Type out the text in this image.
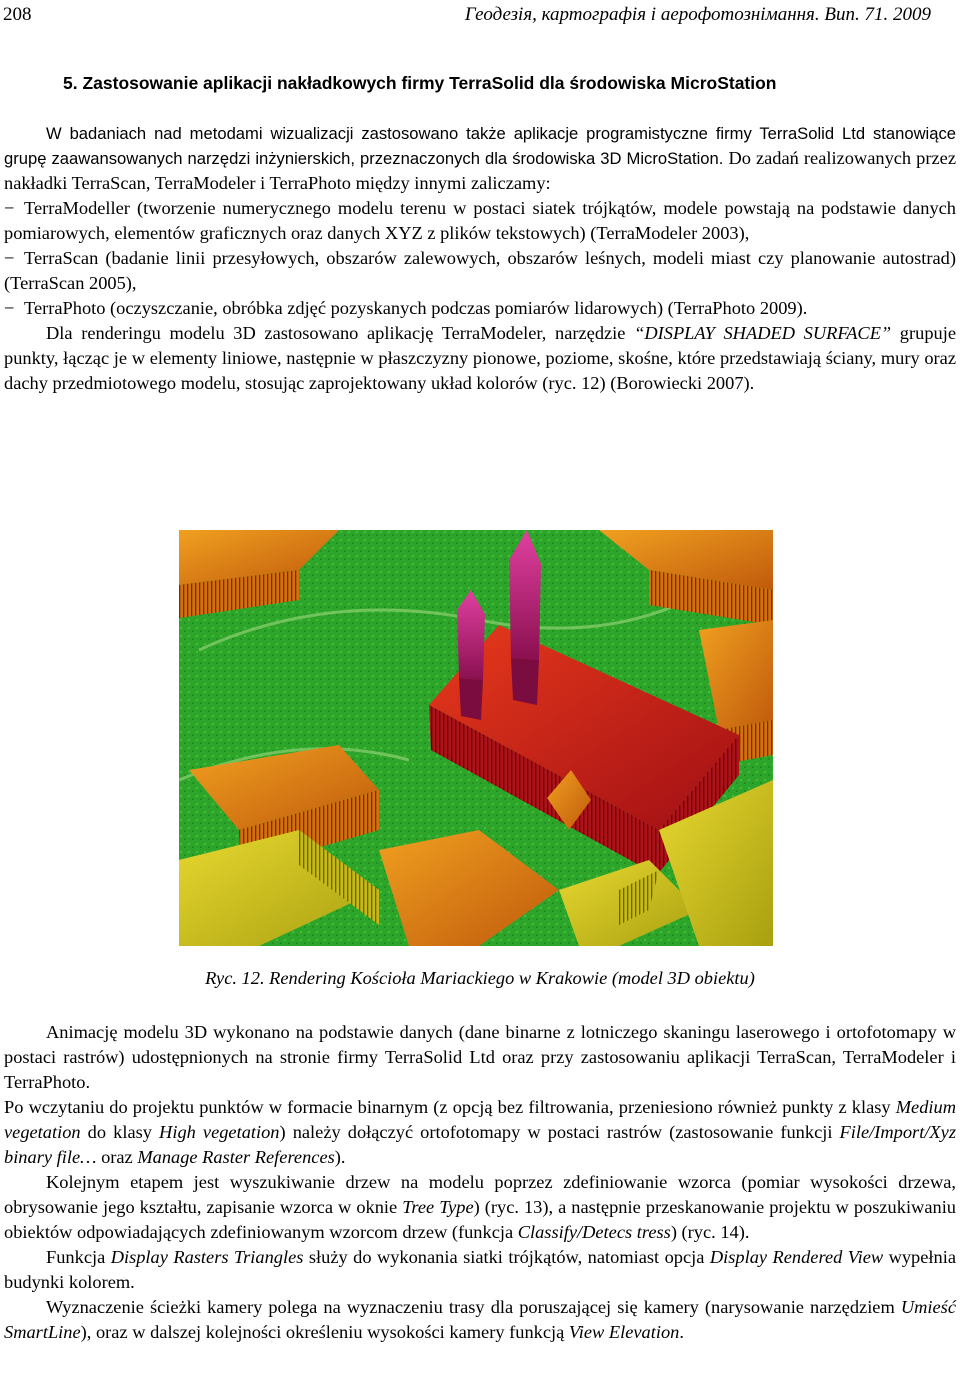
208	Геодезія, картографія і аерофотознімання. Вип. 71. 2009
5. Zastosowanie aplikacji nakładkowych firmy TerraSolid dla środowiska MicroStation

W badaniach nad metodami wizualizacji zastosowano także aplikacje programistyczne firmy TerraSolid Ltd stanowiące grupę zaawansowanych narzędzi inżynierskich, przeznaczonych dla środowiska 3D MicroStation. Do zadań realizowanych przez nakładki TerraScan, TerraModeler i TerraPhoto między innymi zaliczamy:

− TerraModeller (tworzenie numerycznego modelu terenu w postaci siatek trójkątów, modele powstają na podstawie danych pomiarowych, elementów graficznych oraz danych XYZ z plików tekstowych) (TerraModeler 2003),

− TerraScan (badanie linii przesyłowych, obszarów zalewowych, obszarów leśnych, modeli miast czy planowanie autostrad) (TerraScan 2005),

− TerraPhoto (oczyszczanie, obróbka zdjęć pozyskanych podczas pomiarów lidarowych) (TerraPhoto 2009).

Dla renderingu modelu 3D zastosowano aplikację TerraModeler, narzędzie “DISPLAY SHADED SURFACE” grupuje punkty, łącząc je w elementy liniowe, następnie w płaszczyzny pionowe, poziome, skośne, które przedstawiają ściany, mury oraz dachy przedmiotowego modelu, stosując zaprojektowany układ kolorów (ryc. 12) (Borowiecki 2007).

Ryc. 12. Rendering Kościoła Mariackiego w Krakowie (model 3D obiektu)

Animację modelu 3D wykonano na podstawie danych (dane binarne z lotniczego skaningu laserowego i ortofotomapy w postaci rastrów) udostępnionych na stronie firmy TerraSolid Ltd oraz przy zastosowaniu aplikacji TerraScan, TerraModeler i TerraPhoto.

Po wczytaniu do projektu punktów w formacie binarnym (z opcją bez filtrowania, przeniesiono również punkty z klasy Medium vegetation do klasy High vegetation) należy dołączyć ortofotomapy w postaci rastrów (zastosowanie funkcji File/Import/Xyz binary file… oraz Manage Raster References).

Kolejnym etapem jest wyszukiwanie drzew na modelu poprzez zdefiniowanie wzorca (pomiar wysokości drzewa, obrysowanie jego kształtu, zapisanie wzorca w oknie Tree Type) (ryc. 13), a następnie przeskanowanie projektu w poszukiwaniu obiektów odpowiadających zdefiniowanym wzorcom drzew (funkcja Classify/Detecs tress) (ryc. 14).

Funkcja Display Rasters Triangles służy do wykonania siatki trójkątów, natomiast opcja Display Rendered View wypełnia budynki kolorem.

Wyznaczenie ścieżki kamery polega na wyznaczeniu trasy dla poruszającej się kamery (narysowanie narzędziem Umieść SmartLine), oraz w dalszej kolejności określeniu wysokości kamery funkcją View Elevation.
